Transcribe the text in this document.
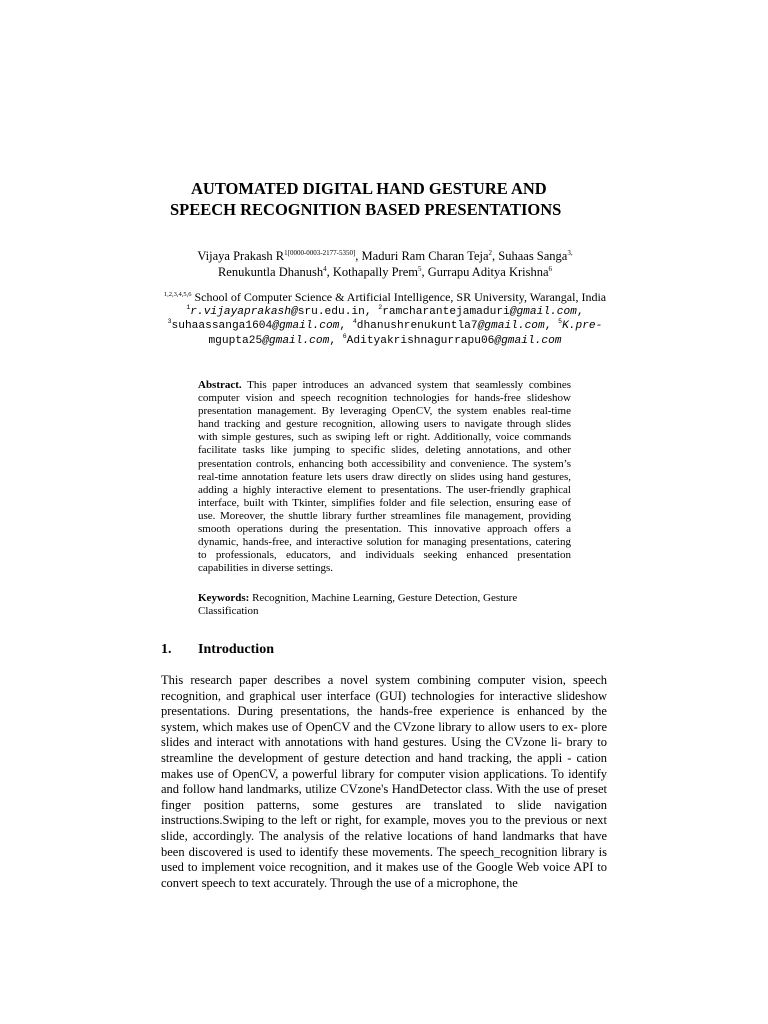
AUTOMATED DIGITAL HAND GESTURE AND
SPEECH RECOGNITION BASED PRESENTATIONS
Vijaya Prakash $R^{1[0000-0003-2177-5350]}$, Maduri Ram Charan Teja$^2$, Suhaas Sanga$^{3,}$
Renukuntla Dhanush$^4$, Kothapally Prem$^5$, Gurrapu Aditya Krishna$^6$
$^{1,2,3,4,5,6}$ School of Computer Science & Artificial Intelligence, SR University, Warangal, India
$^1$r.vijayaprakash@sru.edu.in, $^2$ramcharantejamaduri@gmail.com,
$^3$suhaassanga1604@gmail.com, $^4$dhanushrenukuntla7@gmail.com, $^5$K.pre-
mgupta25@gmail.com, $^6$Adityakrishnagurrapu06@gmail.com
Abstract. This paper introduces an advanced system that seamlessly combines computer vision and speech recognition technologies for hands-free slideshow presentation management. By leveraging OpenCV, the system enables real-time hand tracking and gesture recognition, allowing users to navigate through slides with simple gestures, such as swiping left or right. Additionally, voice commands facilitate tasks like jumping to specific slides, deleting annotations, and other presentation controls, enhancing both accessibility and convenience. The system’s real-time annotation feature lets users draw directly on slides using hand gestures, adding a highly interactive element to presentations. The user-friendly graphical interface, built with Tkinter, simplifies folder and file selection, ensuring ease of use. Moreover, the shuttle library further streamlines file management, providing smooth operations during the presentation. This innovative approach offers a dynamic, hands-free, and interactive solution for managing presentations, catering to professionals, educators, and individuals seeking enhanced presentation capabilities in diverse settings.
Keywords: Recognition, Machine Learning, Gesture Detection, Gesture Classification
1. Introduction
This research paper describes a novel system combining computer vision, speech recognition, and graphical user interface (GUI) technologies for interactive slideshow presentations. During presentations, the hands-free experience is enhanced by the system, which makes use of OpenCV and the CVzone library to allow users to ex- plore slides and interact with annotations with hand gestures. Using the CVzone li- brary to streamline the development of gesture detection and hand tracking, the appli - cation makes use of OpenCV, a powerful library for computer vision applications. To identify and follow hand landmarks, utilize CVzone's HandDetector class. With the use of preset finger position patterns, some gestures are translated to slide navigation instructions.Swiping to the left or right, for example, moves you to the previous or next slide, accordingly. The analysis of the relative locations of hand landmarks that have been discovered is used to identify these movements. The speech_recognition library is used to implement voice recognition, and it makes use of the Google Web voice API to convert speech to text accurately. Through the use of a microphone, the
